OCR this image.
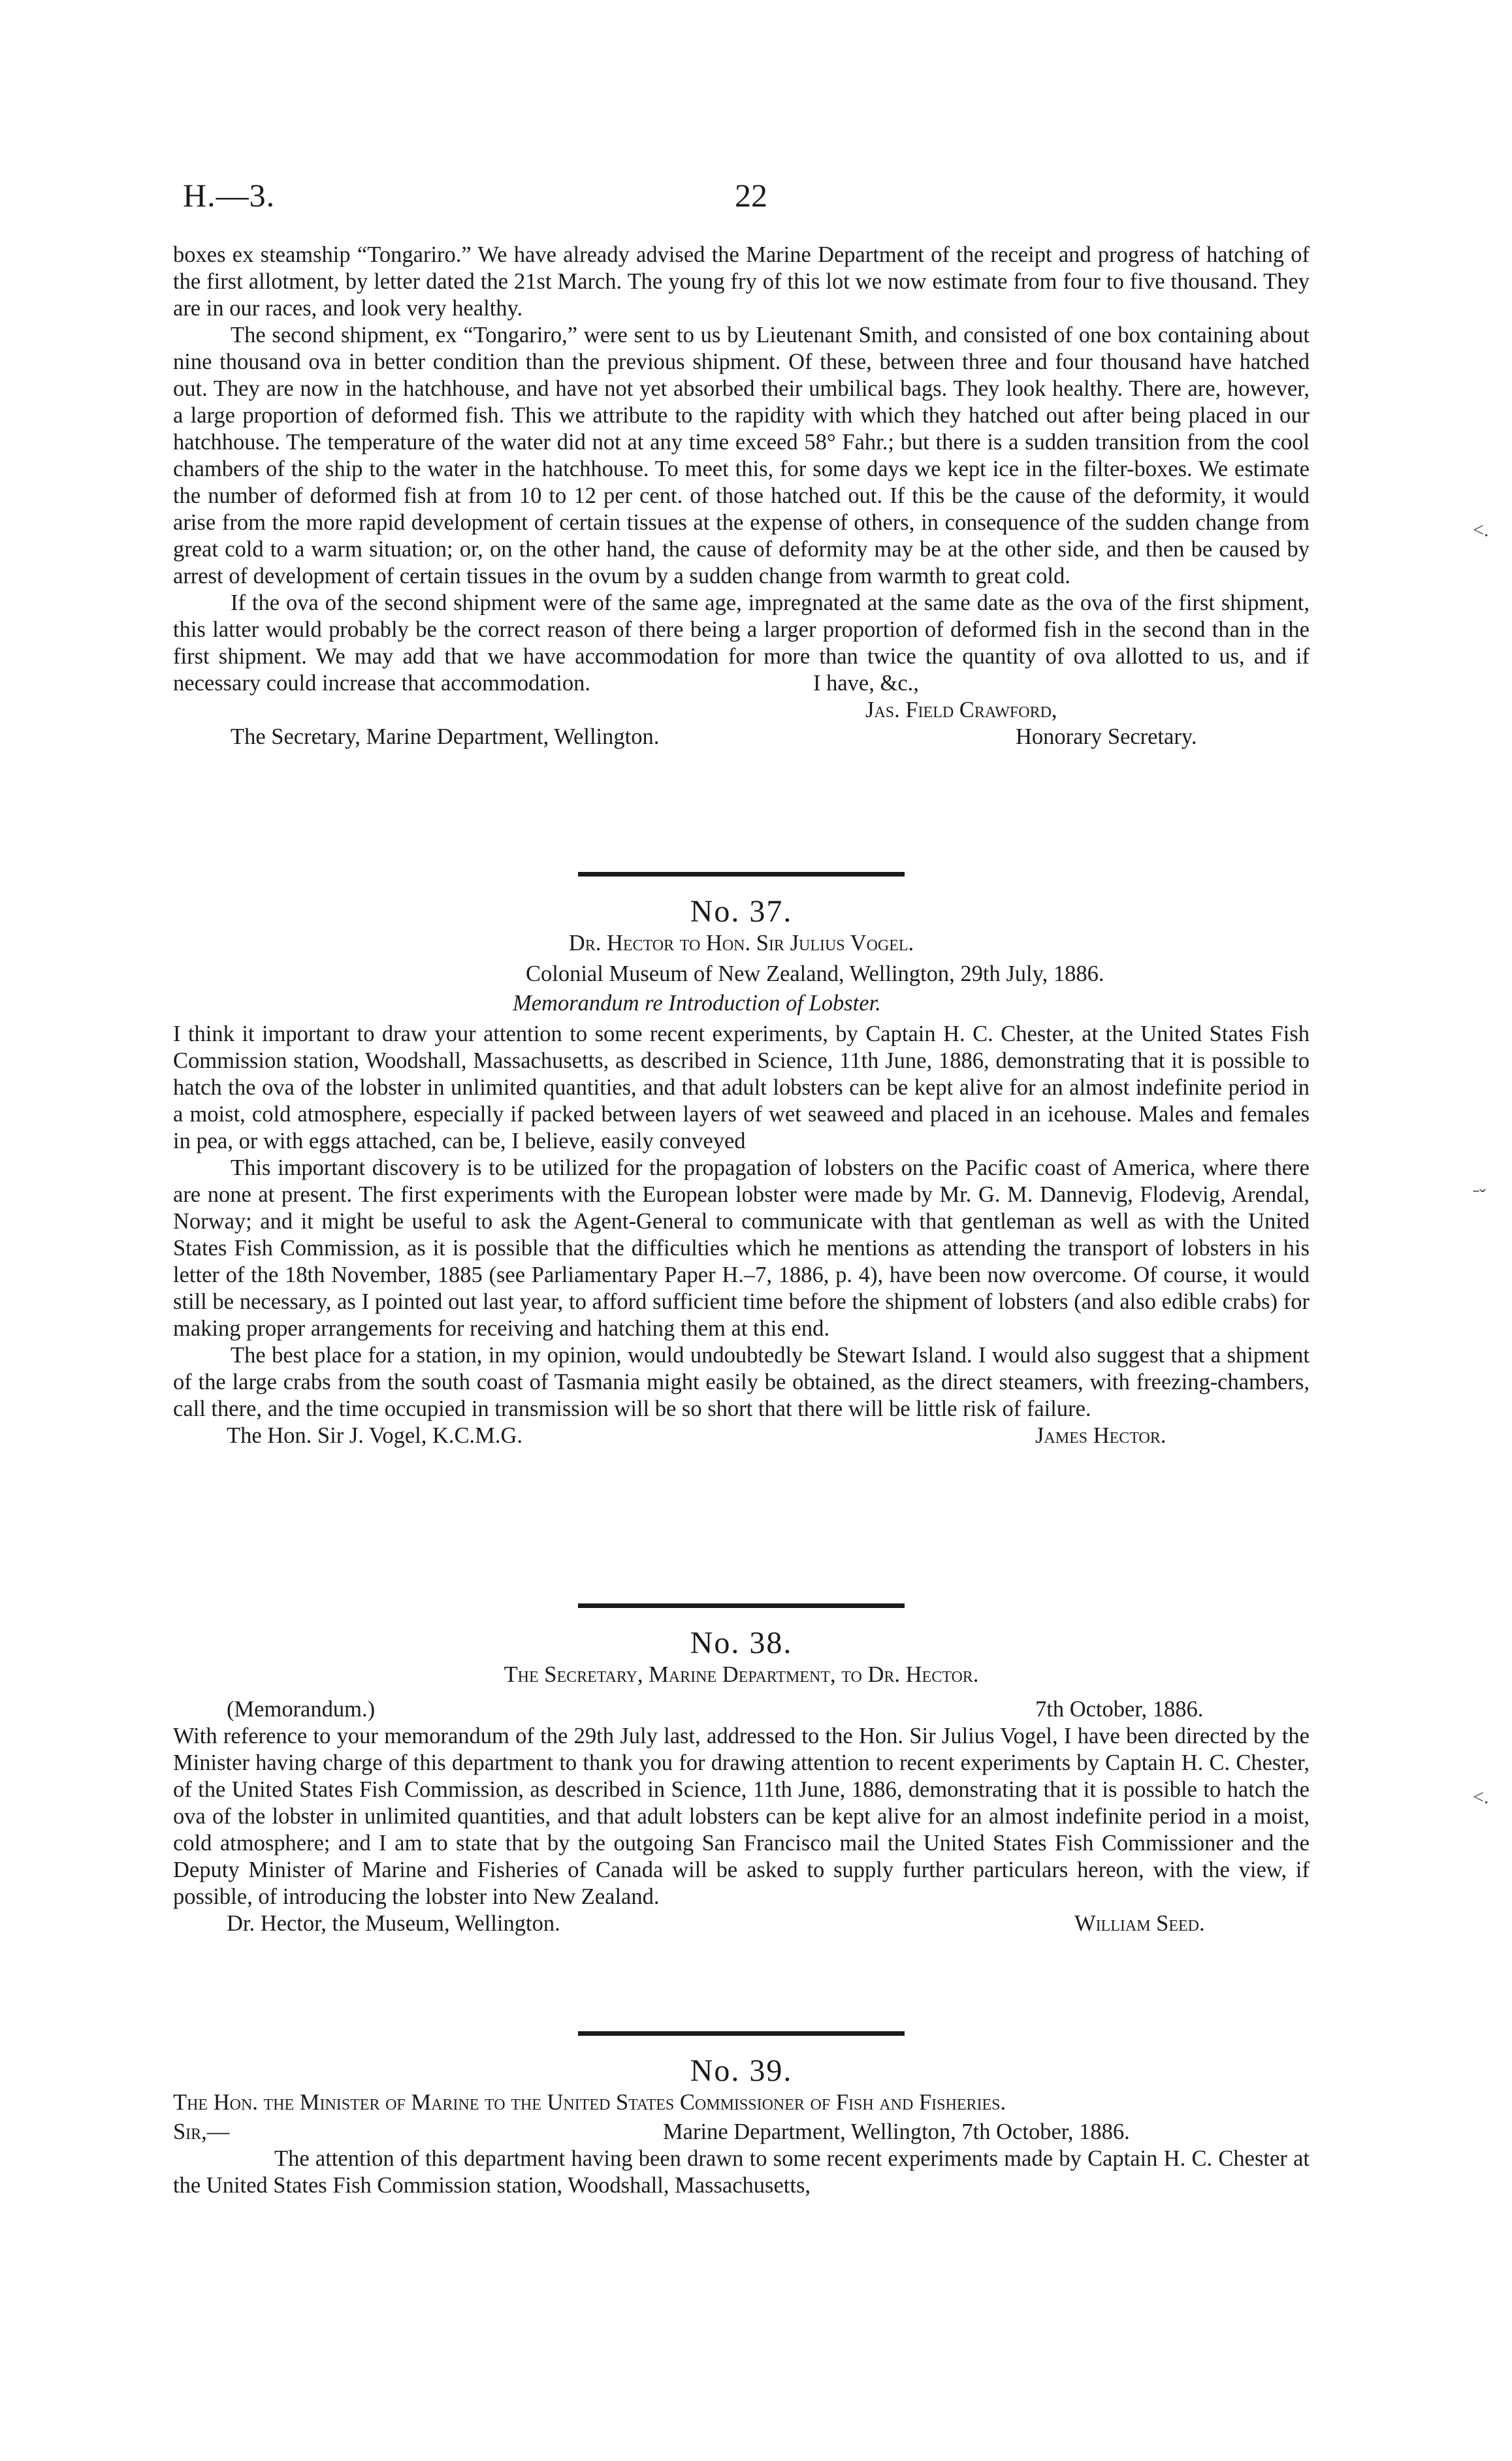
H.—3.	22

boxes ex steamship “Tongariro.” We have already advised the Marine Department of the receipt and progress of hatching of the first allotment, by letter dated the 21st March. The young fry of this lot we now estimate from four to five thousand. They are in our races, and look very healthy.

The second shipment, ex “Tongariro,” were sent to us by Lieutenant Smith, and consisted of one box containing about nine thousand ova in better condition than the previous shipment. Of these, between three and four thousand have hatched out. They are now in the hatchhouse, and have not yet absorbed their umbilical bags. They look healthy. There are, however, a large proportion of deformed fish. This we attribute to the rapidity with which they hatched out after being placed in our hatchhouse. The temperature of the water did not at any time exceed 58° Fahr.; but there is a sudden transition from the cool chambers of the ship to the water in the hatchhouse. To meet this, for some days we kept ice in the filter-boxes. We estimate the number of deformed fish at from 10 to 12 per cent. of those hatched out. If this be the cause of the deformity, it would arise from the more rapid development of certain tissues at the expense of others, in consequence of the sudden change from great cold to a warm situation; or, on the other hand, the cause of deformity may be at the other side, and then be caused by arrest of development of certain tissues in the ovum by a sudden change from warmth to great cold.

If the ova of the second shipment were of the same age, impregnated at the same date as the ova of the first shipment, this latter would probably be the correct reason of there being a larger proportion of deformed fish in the second than in the first shipment. We may add that we have accommodation for more than twice the quantity of ova allotted to us, and if necessary could increase that accommodation.	I have, &c.,
Jas. Field Crawford,
The Secretary, Marine Department, Wellington.	Honorary Secretary.
No. 37.
Dr. Hector to Hon. Sir Julius Vogel.
Colonial Museum of New Zealand, Wellington, 29th July, 1886.
Memorandum re Introduction of Lobster.

I think it important to draw your attention to some recent experiments, by Captain H. C. Chester, at the United States Fish Commission station, Woodshall, Massachusetts, as described in Science, 11th June, 1886, demonstrating that it is possible to hatch the ova of the lobster in unlimited quantities, and that adult lobsters can be kept alive for an almost indefinite period in a moist, cold atmosphere, especially if packed between layers of wet seaweed and placed in an icehouse. Males and females in pea, or with eggs attached, can be, I believe, easily conveyed

This important discovery is to be utilized for the propagation of lobsters on the Pacific coast of America, where there are none at present. The first experiments with the European lobster were made by Mr. G. M. Dannevig, Flodevig, Arendal, Norway; and it might be useful to ask the Agent-General to communicate with that gentleman as well as with the United States Fish Commission, as it is possible that the difficulties which he mentions as attending the transport of lobsters in his letter of the 18th November, 1885 (see Parliamentary Paper H.–7, 1886, p. 4), have been now overcome. Of course, it would still be necessary, as I pointed out last year, to afford sufficient time before the shipment of lobsters (and also edible crabs) for making proper arrangements for receiving and hatching them at this end.

The best place for a station, in my opinion, would undoubtedly be Stewart Island. I would also suggest that a shipment of the large crabs from the south coast of Tasmania might easily be obtained, as the direct steamers, with freezing-chambers, call there, and the time occupied in transmission will be so short that there will be little risk of failure.

The Hon. Sir J. Vogel, K.C.M.G.	James Hector.
No. 38.
The Secretary, Marine Department, to Dr. Hector.
(Memorandum.)	7th October, 1886.

With reference to your memorandum of the 29th July last, addressed to the Hon. Sir Julius Vogel, I have been directed by the Minister having charge of this department to thank you for drawing attention to recent experiments by Captain H. C. Chester, of the United States Fish Commission, as described in Science, 11th June, 1886, demonstrating that it is possible to hatch the ova of the lobster in unlimited quantities, and that adult lobsters can be kept alive for an almost indefinite period in a moist, cold atmosphere; and I am to state that by the outgoing San Francisco mail the United States Fish Commissioner and the Deputy Minister of Marine and Fisheries of Canada will be asked to supply further particulars hereon, with the view, if possible, of introducing the lobster into New Zealand.

Dr. Hector, the Museum, Wellington.	William Seed.
No. 39.
The Hon. the Minister of Marine to the United States Commissioner of Fish and Fisheries.
Sir,—	Marine Department, Wellington, 7th October, 1886.

The attention of this department having been drawn to some recent experiments made by Captain H. C. Chester at the United States Fish Commission station, Woodshall, Massachusetts,

˂.
ˉˇ
˂.
